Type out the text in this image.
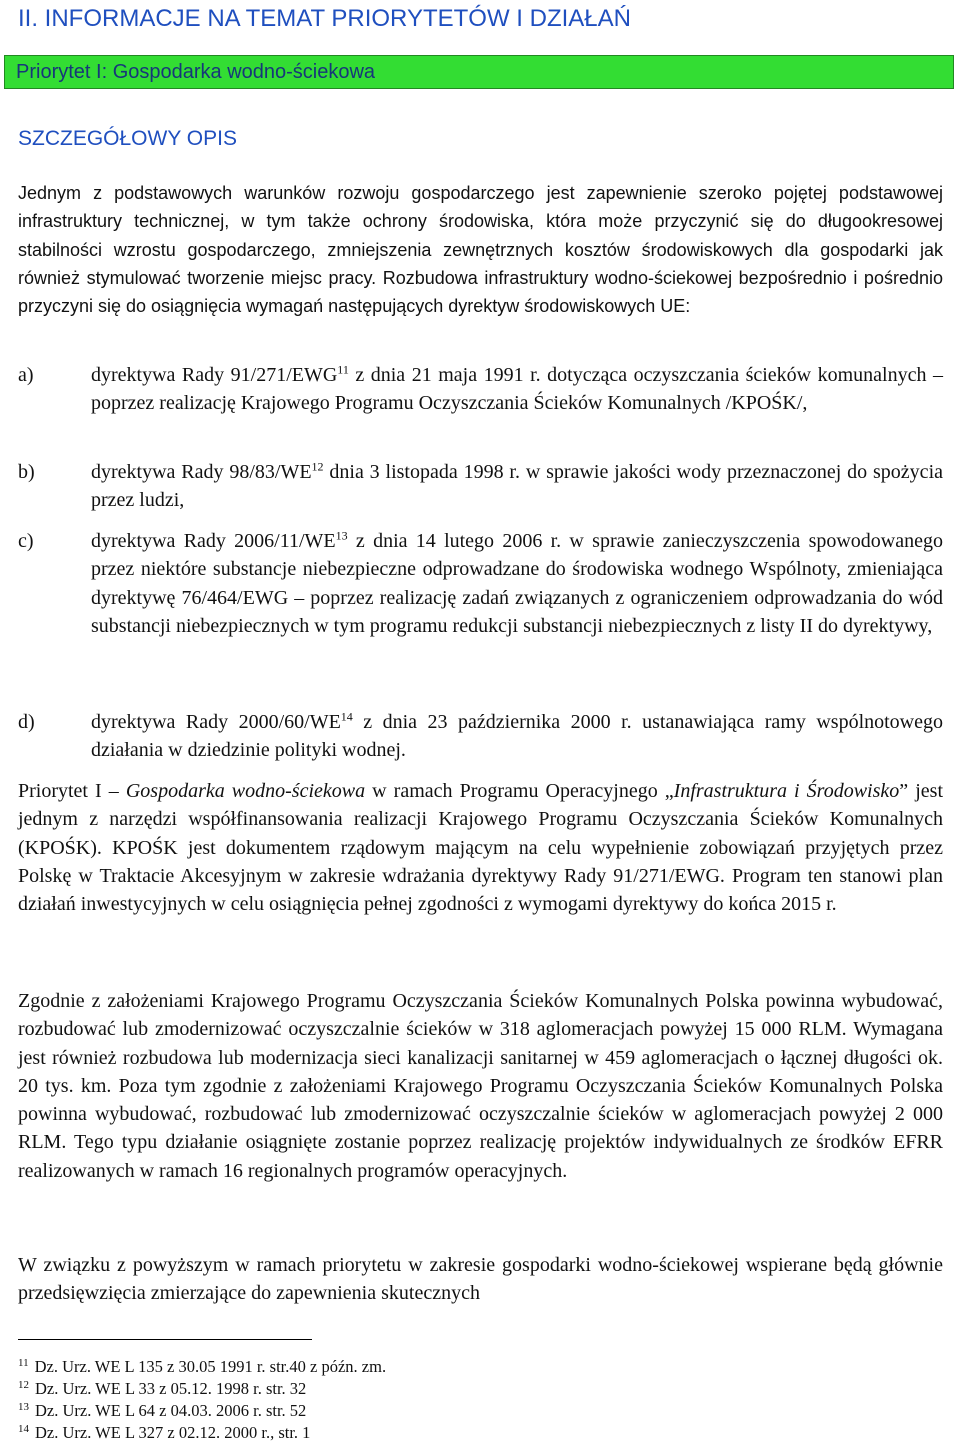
II. INFORMACJE NA TEMAT PRIORYTETÓW I DZIAŁAŃ
Priorytet I: Gospodarka wodno-ściekowa
SZCZEGÓŁOWY OPIS

Jednym z podstawowych warunków rozwoju gospodarczego jest zapewnienie szeroko pojętej podstawowej infrastruktury technicznej, w tym także ochrony środowiska, która może przyczynić się do długookresowej stabilności wzrostu gospodarczego, zmniejszenia zewnętrznych kosztów środowiskowych dla gospodarki jak również stymulować tworzenie miejsc pracy. Rozbudowa infrastruktury wodno-ściekowej bezpośrednio i pośrednio przyczyni się do osiągnięcia wymagań następujących dyrektyw środowiskowych UE:

a)	dyrektywa Rady 91/271/EWG$^{11}$ z dnia 21 maja 1991 r. dotycząca oczyszczania ścieków komunalnych – poprzez realizację Krajowego Programu Oczyszczania Ścieków Komunalnych /KPOŚK/,
b)	dyrektywa Rady 98/83/WE$^{12}$ dnia 3 listopada 1998 r. w sprawie jakości wody przeznaczonej do spożycia przez ludzi,
c)	dyrektywa Rady 2006/11/WE$^{13}$ z dnia 14 lutego 2006 r. w sprawie zanieczyszczenia spowodowanego przez niektóre substancje niebezpieczne odprowadzane do środowiska wodnego Wspólnoty, zmieniająca dyrektywę 76/464/EWG – poprzez realizację zadań związanych z ograniczeniem odprowadzania do wód substancji niebezpiecznych w tym programu redukcji substancji niebezpiecznych z listy II do dyrektywy,
d)	dyrektywa Rady 2000/60/WE$^{14}$ z dnia 23 października 2000 r. ustanawiająca ramy wspólnotowego działania w dziedzinie polityki wodnej.

Priorytet I – Gospodarka wodno-ściekowa w ramach Programu Operacyjnego „Infrastruktura i Środowisko” jest jednym z narzędzi współfinansowania realizacji Krajowego Programu Oczyszczania Ścieków Komunalnych (KPOŚK). KPOŚK jest dokumentem rządowym mającym na celu wypełnienie zobowiązań przyjętych przez Polskę w Traktacie Akcesyjnym w zakresie wdrażania dyrektywy Rady 91/271/EWG. Program ten stanowi plan działań inwestycyjnych w celu osiągnięcia pełnej zgodności z wymogami dyrektywy do końca 2015 r.

Zgodnie z założeniami Krajowego Programu Oczyszczania Ścieków Komunalnych Polska powinna wybudować, rozbudować lub zmodernizować oczyszczalnie ścieków w 318 aglomeracjach powyżej 15 000 RLM. Wymagana jest również rozbudowa lub modernizacja sieci kanalizacji sanitarnej w 459 aglomeracjach o łącznej długości ok. 20 tys. km. Poza tym zgodnie z założeniami Krajowego Programu Oczyszczania Ścieków Komunalnych Polska powinna wybudować, rozbudować lub zmodernizować oczyszczalnie ścieków w aglomeracjach powyżej 2 000 RLM. Tego typu działanie osiągnięte zostanie poprzez realizację projektów indywidualnych ze środków EFRR realizowanych w ramach 16 regionalnych programów operacyjnych.

W związku z powyższym w ramach priorytetu w zakresie gospodarki wodno-ściekowej wspierane będą głównie przedsięwzięcia zmierzające do zapewnienia skutecznych

$^{11}$ Dz. Urz. WE L 135 z 30.05 1991 r. str.40 z późn. zm.
$^{12}$ Dz. Urz. WE L 33 z 05.12. 1998 r. str. 32
$^{13}$ Dz. Urz. WE L 64 z 04.03. 2006 r. str. 52
$^{14}$ Dz. Urz. WE L 327 z 02.12. 2000 r., str. 1
